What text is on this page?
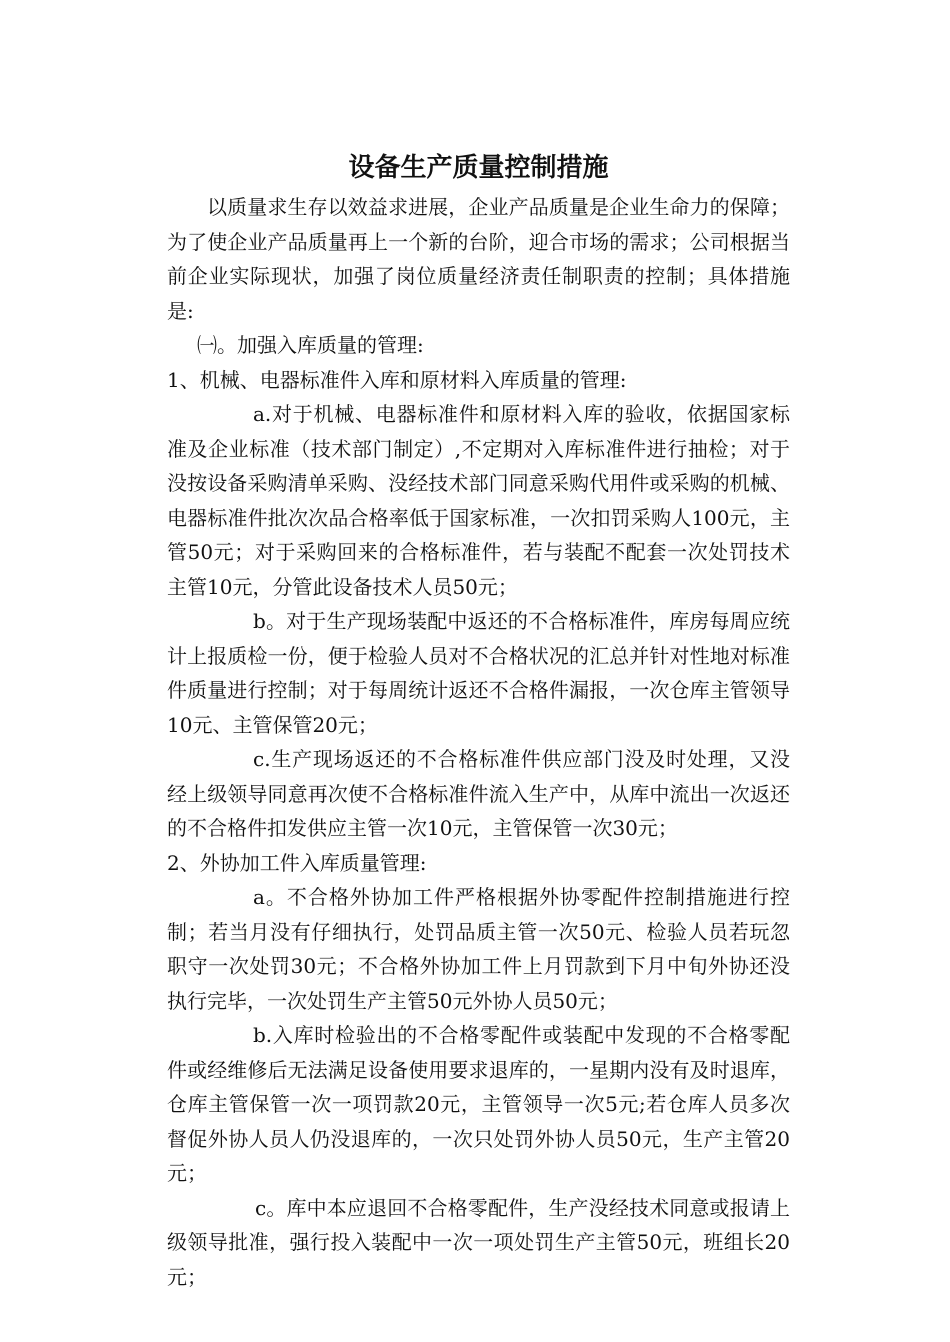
设备生产质量控制措施

以质量求生存以效益求进展，企业产品质量是企业生命力的保障；为了使企业产品质量再上一个新的台阶，迎合市场的需求；公司根据当前企业实际现状，加强了岗位质量经济责任制职责的控制；具体措施是:

㈠。加强入库质量的管理:

1、机械、电器标准件入库和原材料入库质量的管理:

a.对于机械、电器标准件和原材料入库的验收，依据国家标准及企业标准（技术部门制定）,不定期对入库标准件进行抽检；对于没按设备采购清单采购、没经技术部门同意采购代用件或采购的机械、电器标准件批次次品合格率低于国家标准，一次扣罚采购人100元，主管50元；对于采购回来的合格标准件，若与装配不配套一次处罚技术主管10元，分管此设备技术人员50元；

b。对于生产现场装配中返还的不合格标准件，库房每周应统计上报质检一份，便于检验人员对不合格状况的汇总并针对性地对标准件质量进行控制；对于每周统计返还不合格件漏报，一次仓库主管领导10元、主管保管20元；

c.生产现场返还的不合格标准件供应部门没及时处理，又没经上级领导同意再次使不合格标准件流入生产中，从库中流出一次返还的不合格件扣发供应主管一次10元，主管保管一次30元；

2、外协加工件入库质量管理:

a。不合格外协加工件严格根据外协零配件控制措施进行控制；若当月没有仔细执行，处罚品质主管一次50元、检验人员若玩忽职守一次处罚30元；不合格外协加工件上月罚款到下月中旬外协还没执行完毕，一次处罚生产主管50元外协人员50元；

b.入库时检验出的不合格零配件或装配中发现的不合格零配件或经维修后无法满足设备使用要求退库的，一星期内没有及时退库，仓库主管保管一次一项罚款20元，主管领导一次5元;若仓库人员多次督促外协人员人仍没退库的，一次只处罚外协人员50元，生产主管20元；

c。库中本应退回不合格零配件，生产没经技术同意或报请上级领导批准，强行投入装配中一次一项处罚生产主管50元，班组长20元；
